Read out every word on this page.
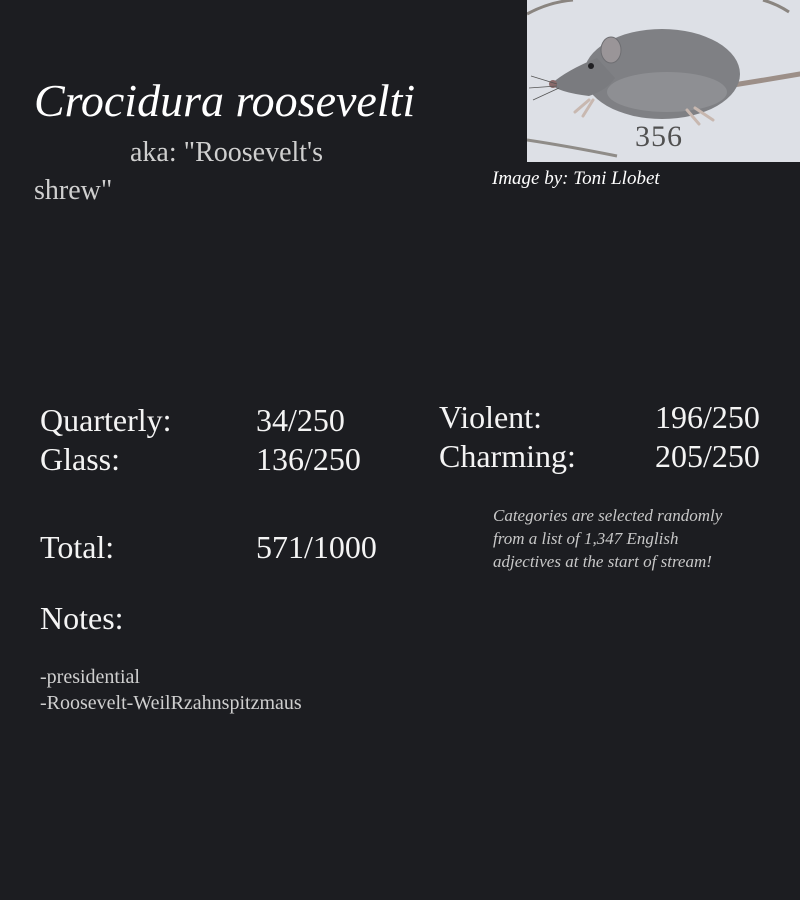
Crocidura roosevelti
aka: "Roosevelt's shrew"
356
Image by: Toni Llobet
Quarterly:	34/250
Glass:	136/250
Violent:	196/250
Charming: 205/250
Total:	571/1000
Categories are selected randomly from a list of 1,347 English adjectives at the start of stream!
Notes:
-presidential
-Roosevelt-WeilRzahnspitzmaus
